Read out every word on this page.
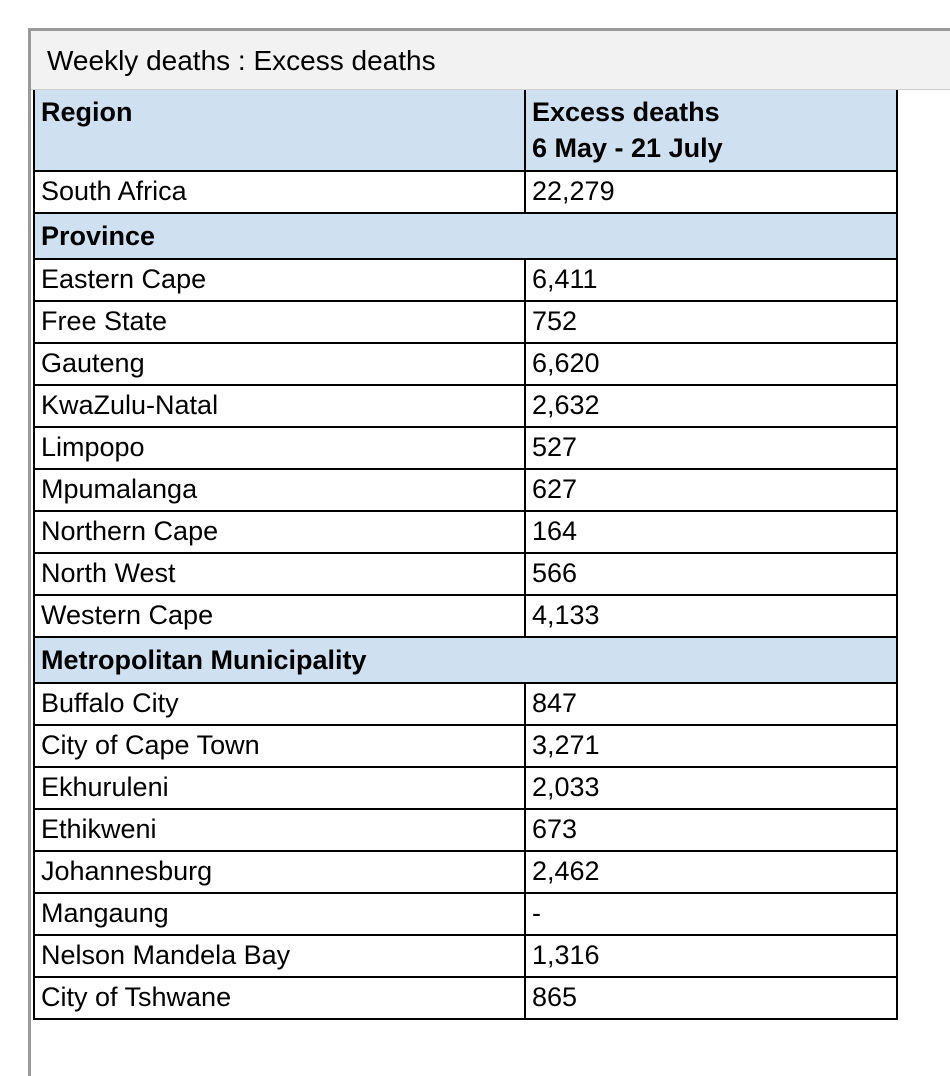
Weekly deaths : Excess deaths
Region	Excess deaths
6 May - 21 July

South Africa	22,279
Province	
Eastern Cape	6,411
Free State	752
Gauteng	6,620
KwaZulu-Natal	2,632
Limpopo	527
Mpumalanga	627
Northern Cape	164
North West	566
Western Cape	4,133
Metropolitan Municipality	
Buffalo City	847
City of Cape Town	3,271
Ekhuruleni	2,033
Ethikweni	673
Johannesburg	2,462
Mangaung	-
Nelson Mandela Bay	1,316
City of Tshwane	865
